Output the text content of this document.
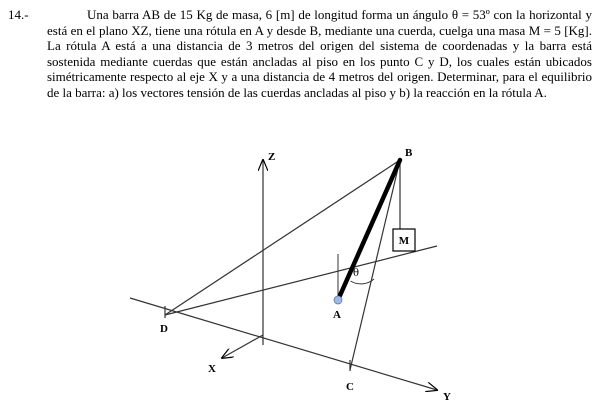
14.-	Una barra AB de 15 Kg de masa, 6 [m] de longitud forma un ángulo θ = 53º con la horizontal y está en el plano XZ, tiene una rótula en A y desde B, mediante una cuerda, cuelga una masa M = 5 [Kg]. La rótula A está a una distancia de 3 metros del origen del sistema de coordenadas y la barra está sostenida mediante cuerdas que están ancladas al piso en los punto C y D, los cuales están ubicados simétricamente respecto al eje X y a una distancia de 4 metros del origen. Determinar, para el equilibrio de la barra: a) los vectores tensión de las cuerdas ancladas al piso y b) la reacción en la rótula A.
Z	B
M
θ
A
D
X
C
Y
